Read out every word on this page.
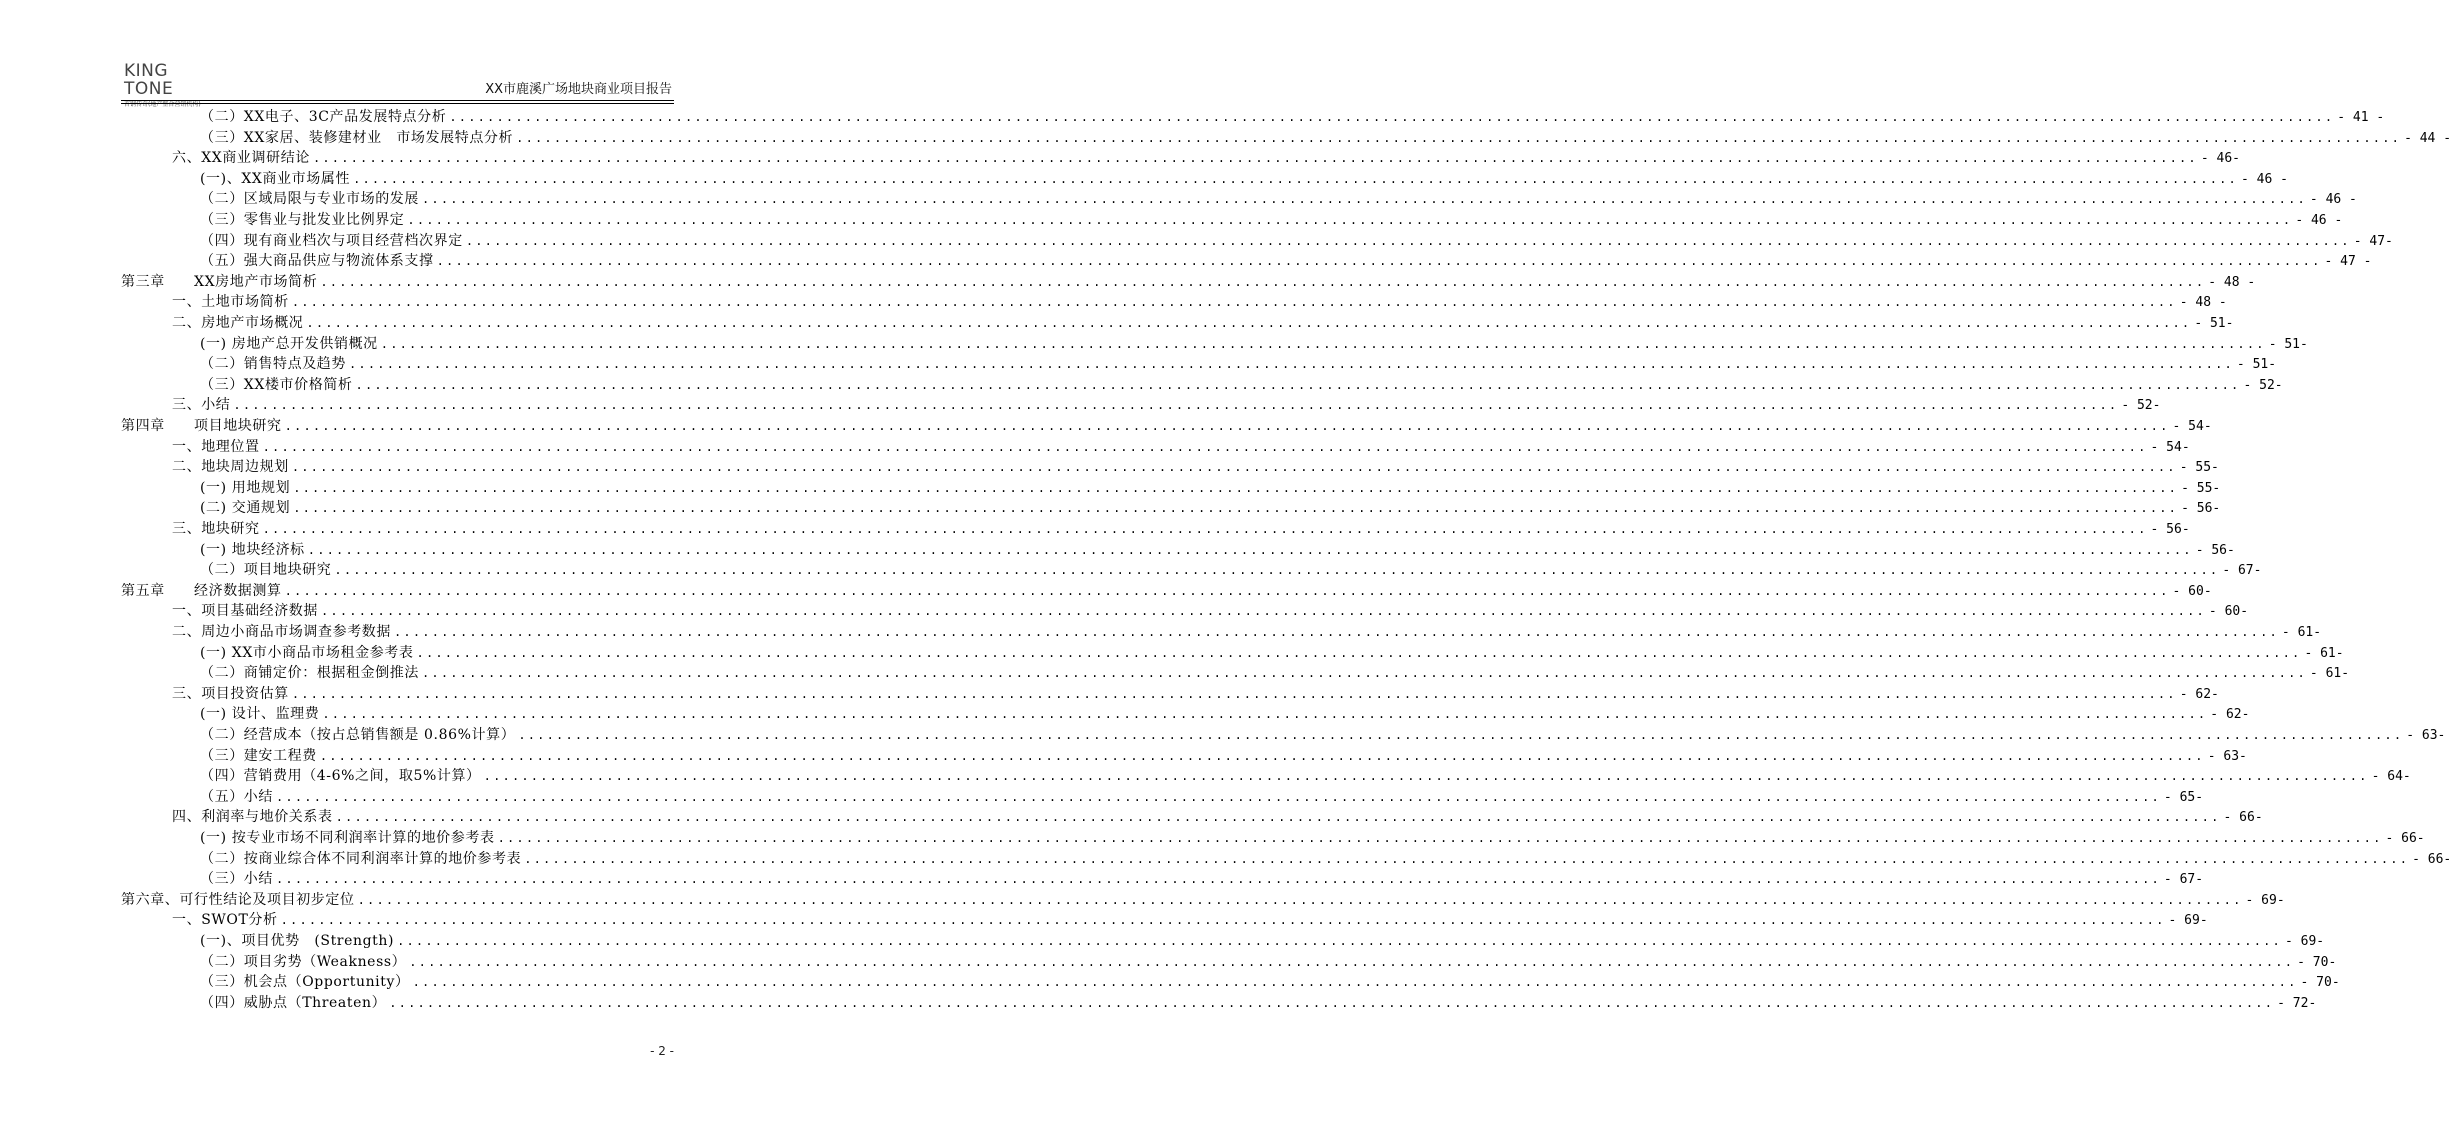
KING TONE
首钢传奇(地产整合营销机构)
XX市鹿溪广场地块商业项目报告
（二）XX电子、3C产品发展特点分析 ........................................................................................................................................................................................................ - 41 -
（三）XX家居、装修建材业　市场发展特点分析 ........................................................................................................................................................................................................ - 44 -
六、XX商业调研结论 ........................................................................................................................................................................................................ - 46-
(一)、XX商业市场属性 ........................................................................................................................................................................................................ - 46 -
（二）区域局限与专业市场的发展 ........................................................................................................................................................................................................ - 46 -
（三）零售业与批发业比例界定 ........................................................................................................................................................................................................ - 46 -
（四）现有商业档次与项目经营档次界定 ........................................................................................................................................................................................................ - 47-
（五）强大商品供应与物流体系支撑 ........................................................................................................................................................................................................ - 47 -
第三章　　XX房地产市场简析 ........................................................................................................................................................................................................ - 48 -
一、土地市场简析 ........................................................................................................................................................................................................ - 48 -
二、房地产市场概况 ........................................................................................................................................................................................................ - 51-
(一) 房地产总开发供销概况 ........................................................................................................................................................................................................ - 51-
（二）销售特点及趋势 ........................................................................................................................................................................................................ - 51-
（三）XX楼市价格简析 ........................................................................................................................................................................................................ - 52-
三、小结 ........................................................................................................................................................................................................ - 52-
第四章　　项目地块研究 ........................................................................................................................................................................................................ - 54-
一、地理位置 ........................................................................................................................................................................................................ - 54-
二、地块周边规划 ........................................................................................................................................................................................................ - 55-
(一) 用地规划 ........................................................................................................................................................................................................ - 55-
(二) 交通规划 ........................................................................................................................................................................................................ - 56-
三、地块研究 ........................................................................................................................................................................................................ - 56-
(一) 地块经济标 ........................................................................................................................................................................................................ - 56-
（二）项目地块研究 ........................................................................................................................................................................................................ - 67-
第五章　　经济数据测算 ........................................................................................................................................................................................................ - 60-
一、项目基础经济数据 ........................................................................................................................................................................................................ - 60-
二、周边小商品市场调查参考数据 ........................................................................................................................................................................................................ - 61-
(一) XX市小商品市场租金参考表 ........................................................................................................................................................................................................ - 61-
（二）商铺定价：根据租金倒推法 ........................................................................................................................................................................................................ - 61-
三、项目投资估算 ........................................................................................................................................................................................................ - 62-
(一) 设计、监理费 ........................................................................................................................................................................................................ - 62-
（二）经营成本（按占总销售额是 0.86%计算） ........................................................................................................................................................................................................ - 63-
（三）建安工程费 ........................................................................................................................................................................................................ - 63-
（四）营销费用（4-6%之间，取5%计算） ........................................................................................................................................................................................................ - 64-
（五）小结 ........................................................................................................................................................................................................ - 65-
四、利润率与地价关系表 ........................................................................................................................................................................................................ - 66-
(一) 按专业市场不同利润率计算的地价参考表 ........................................................................................................................................................................................................ - 66-
（二）按商业综合体不同利润率计算的地价参考表 ........................................................................................................................................................................................................ - 66-
（三）小结 ........................................................................................................................................................................................................ - 67-
第六章、可行性结论及项目初步定位 ........................................................................................................................................................................................................ - 69-
一、SWOT分析 ........................................................................................................................................................................................................ - 69-
(一)、项目优势　(Strength) ........................................................................................................................................................................................................ - 69-
（二）项目劣势（Weakness） ........................................................................................................................................................................................................ - 70-
（三）机会点（Opportunity） ........................................................................................................................................................................................................ - 70-
（四）威胁点（Threaten） ........................................................................................................................................................................................................ - 72-
- 2 -
